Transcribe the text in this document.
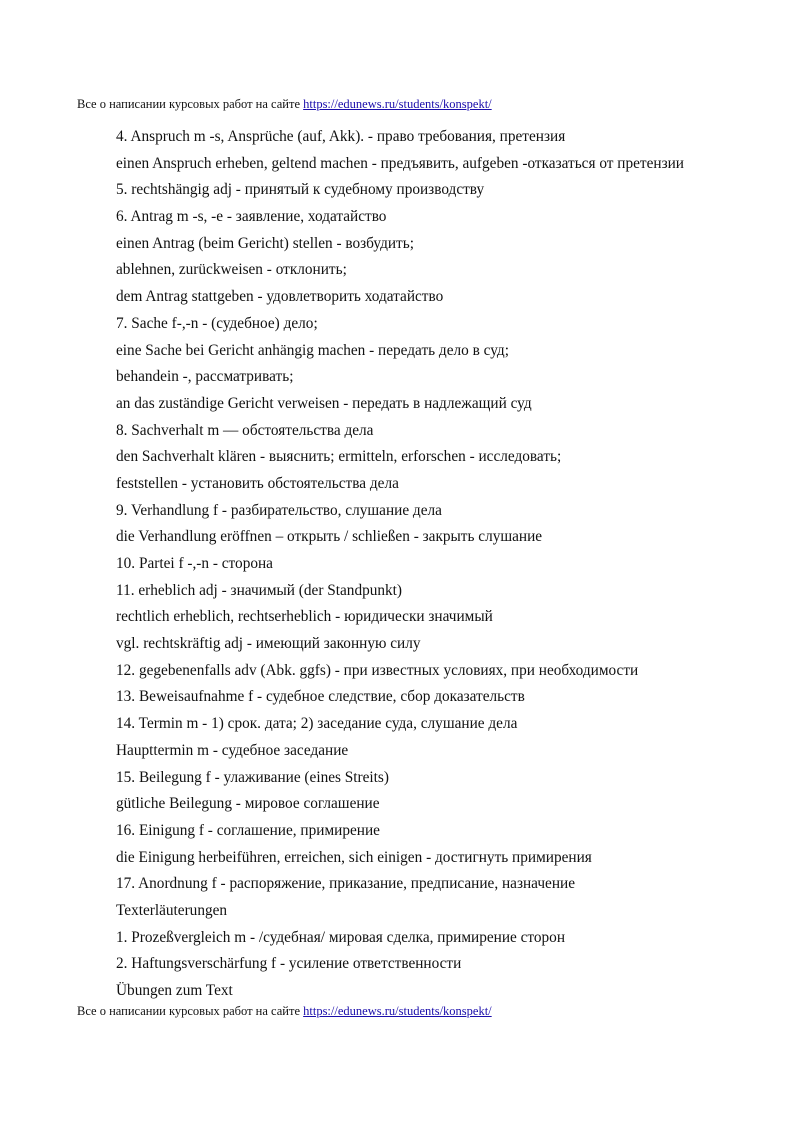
Все о написании курсовых работ на сайте https://edunews.ru/students/konspekt/
4. Anspruch m -s, Ansprüche (auf, Akk). - право требования, претензия
einen Anspruch erheben, geltend machen - предъявить, aufgeben -отказаться от претензии
5. rechtshängig adj - принятый к судебному производству
6. Antrag m -s, -e - заявление, ходатайство
einen Antrag (beim Gericht) stellen - возбудить;
ablehnen, zurückweisen - отклонить;
dem Antrag stattgeben - удовлетворить ходатайство
7. Sache f-,-n - (судебное) дело;
eine Sache bei Gericht anhängig machen - передать дело в суд;
behandein -, рассматривать;
an das zuständige Gericht verweisen - передать в надлежащий суд
8. Sachverhalt m — обстоятельства дела
den Sachverhalt klären - выяснить; ermitteln, erforschen - исследовать;
feststellen - установить обстоятельства дела
9. Verhandlung f - разбирательство, слушание дела
die Verhandlung eröffnen – открыть / schließen - закрыть слушание
10. Partei f -,-n - сторона
11. erheblich adj - значимый (der Standpunkt)
rechtlich erheblich, rechtserheblich - юридически значимый
vgl. rechtskräftig adj - имеющий законную силу
12. gegebenenfalls adv (Abk. ggfs) - при известных условиях, при необходимости
13. Beweisaufnahme f - судебное следствие, сбор доказательств
14. Termin m - 1) срок. дата; 2) заседание суда, слушание дела
Haupttermin m - судебное заседание
15. Beilegung f - улаживание (eines Streits)
gütliche Beilegung - мировое соглашение
16. Einigung f - соглашение, примирение
die Einigung herbeiführen, erreichen, sich einigen - достигнуть примирения
17. Anordnung f - распоряжение, приказание, предписание, назначение
Texterläuterungen
1. Prozeßvergleich m - /судебная/ мировая сделка, примирение сторон
2. Haftungsverschärfung f - усиление ответственности
Übungen zum Text
Все о написании курсовых работ на сайте https://edunews.ru/students/konspekt/
